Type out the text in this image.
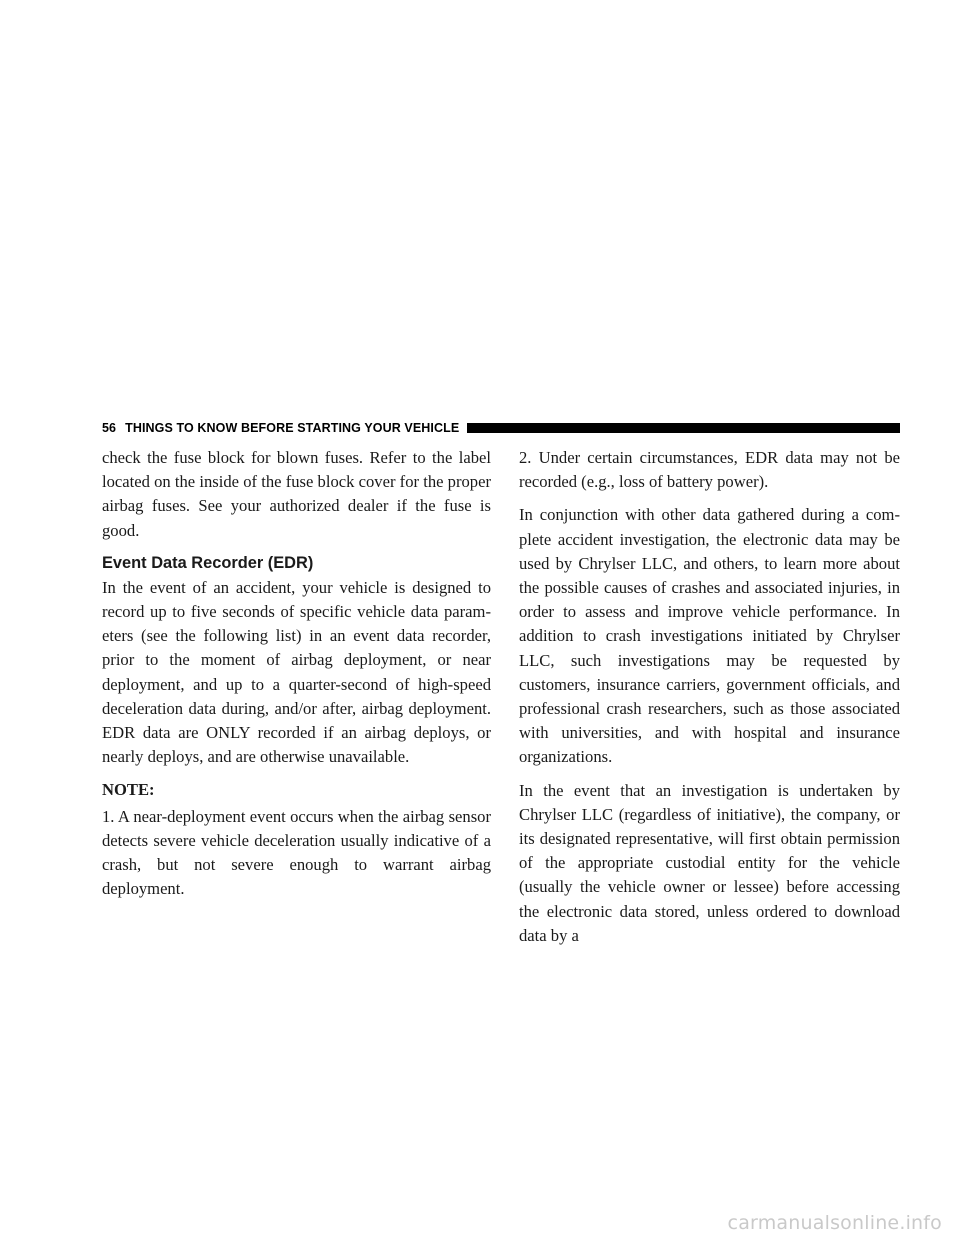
56 THINGS TO KNOW BEFORE STARTING YOUR VEHICLE

check the fuse block for blown fuses. Refer to the label located on the inside of the fuse block cover for the proper airbag fuses. See your authorized dealer if the fuse is good.

Event Data Recorder (EDR)

In the event of an accident, your vehicle is designed to record up to five seconds of specific vehicle data parameters (see the following list) in an event data recorder, prior to the moment of airbag deployment, or near deployment, and up to a quarter-second of high-speed deceleration data during, and/or after, airbag deployment. EDR data are ONLY recorded if an airbag deploys, or nearly deploys, and are otherwise unavailable.

NOTE:

1. A near-deployment event occurs when the airbag sensor detects severe vehicle deceleration usually indicative of a crash, but not severe enough to warrant airbag deployment.

2. Under certain circumstances, EDR data may not be recorded (e.g., loss of battery power).

In conjunction with other data gathered during a complete accident investigation, the electronic data may be used by Chrylser LLC, and others, to learn more about the possible causes of crashes and associated injuries, in order to assess and improve vehicle performance. In addition to crash investigations initiated by Chrylser LLC, such investigations may be requested by customers, insurance carriers, government officials, and professional crash researchers, such as those associated with universities, and with hospital and insurance organizations.

In the event that an investigation is undertaken by Chrylser LLC (regardless of initiative), the company, or its designated representative, will first obtain permission of the appropriate custodial entity for the vehicle (usually the vehicle owner or lessee) before accessing the electronic data stored, unless ordered to download data by a

carmanualsonline.info
